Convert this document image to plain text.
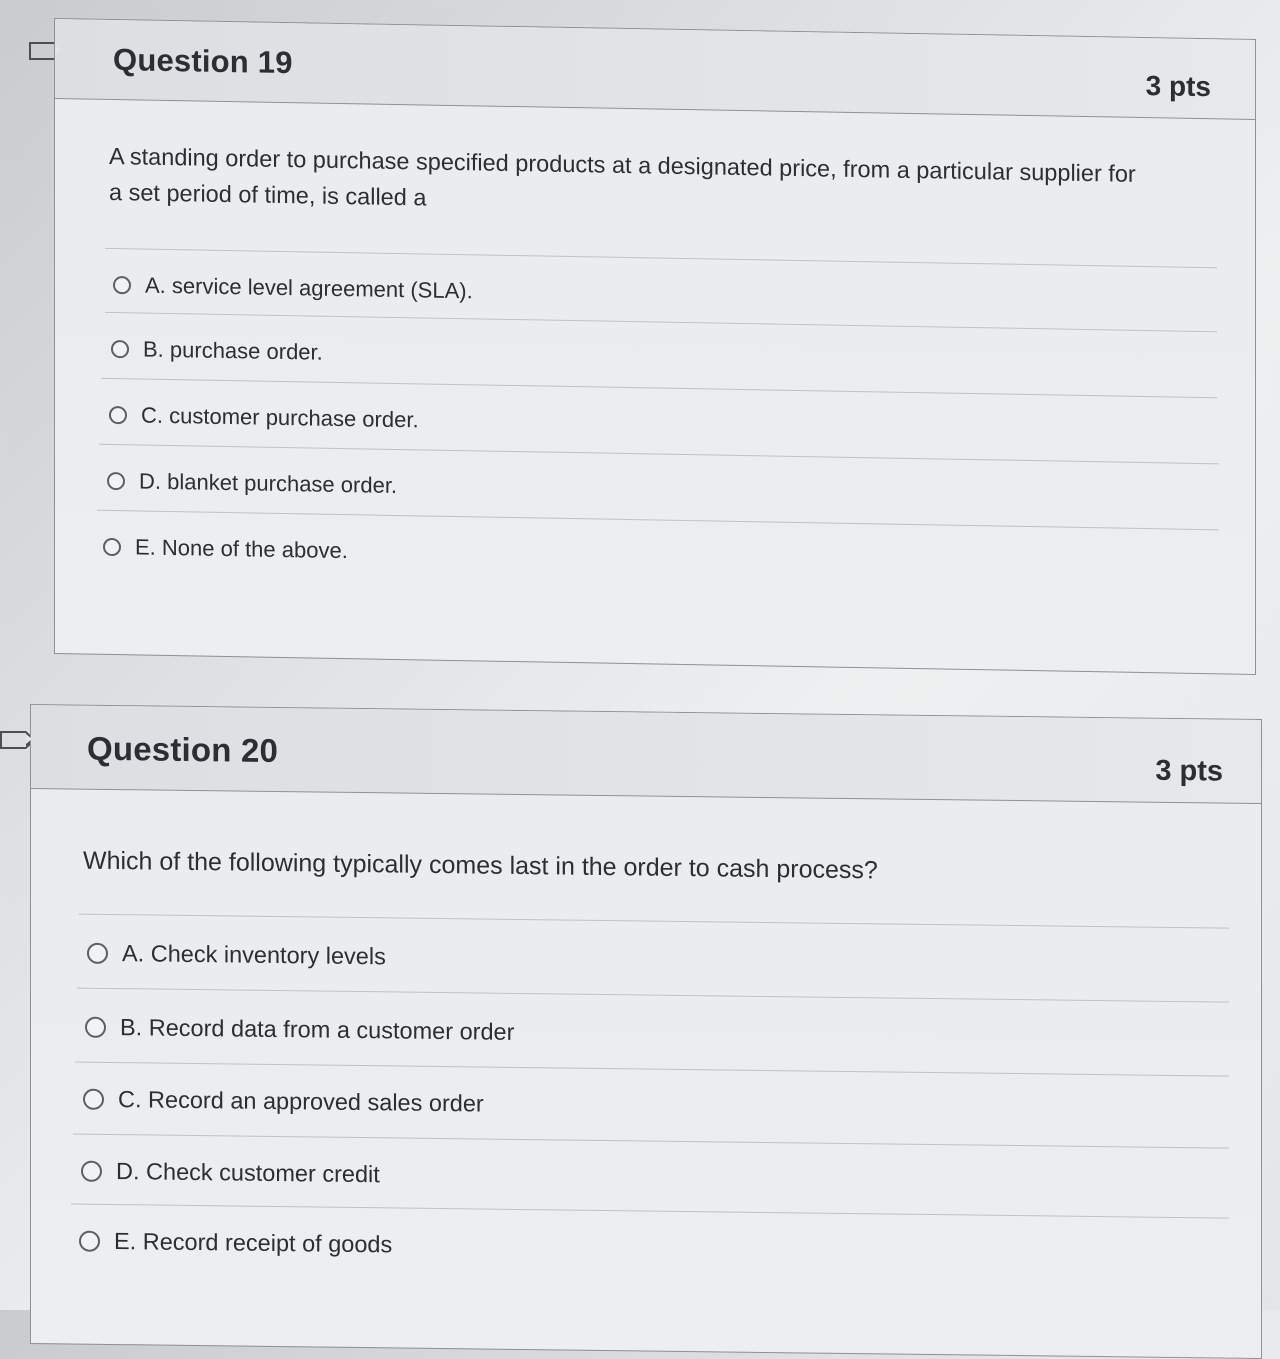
Question 19
3 pts
A standing order to purchase specified products at a designated price, from a particular supplier for a set period of time, is called a
A. service level agreement (SLA).
B. purchase order.
C. customer purchase order.
D. blanket purchase order.
E. None of the above.
Question 20
3 pts
Which of the following typically comes last in the order to cash process?
A. Check inventory levels
B. Record data from a customer order
C. Record an approved sales order
D. Check customer credit
E. Record receipt of goods
